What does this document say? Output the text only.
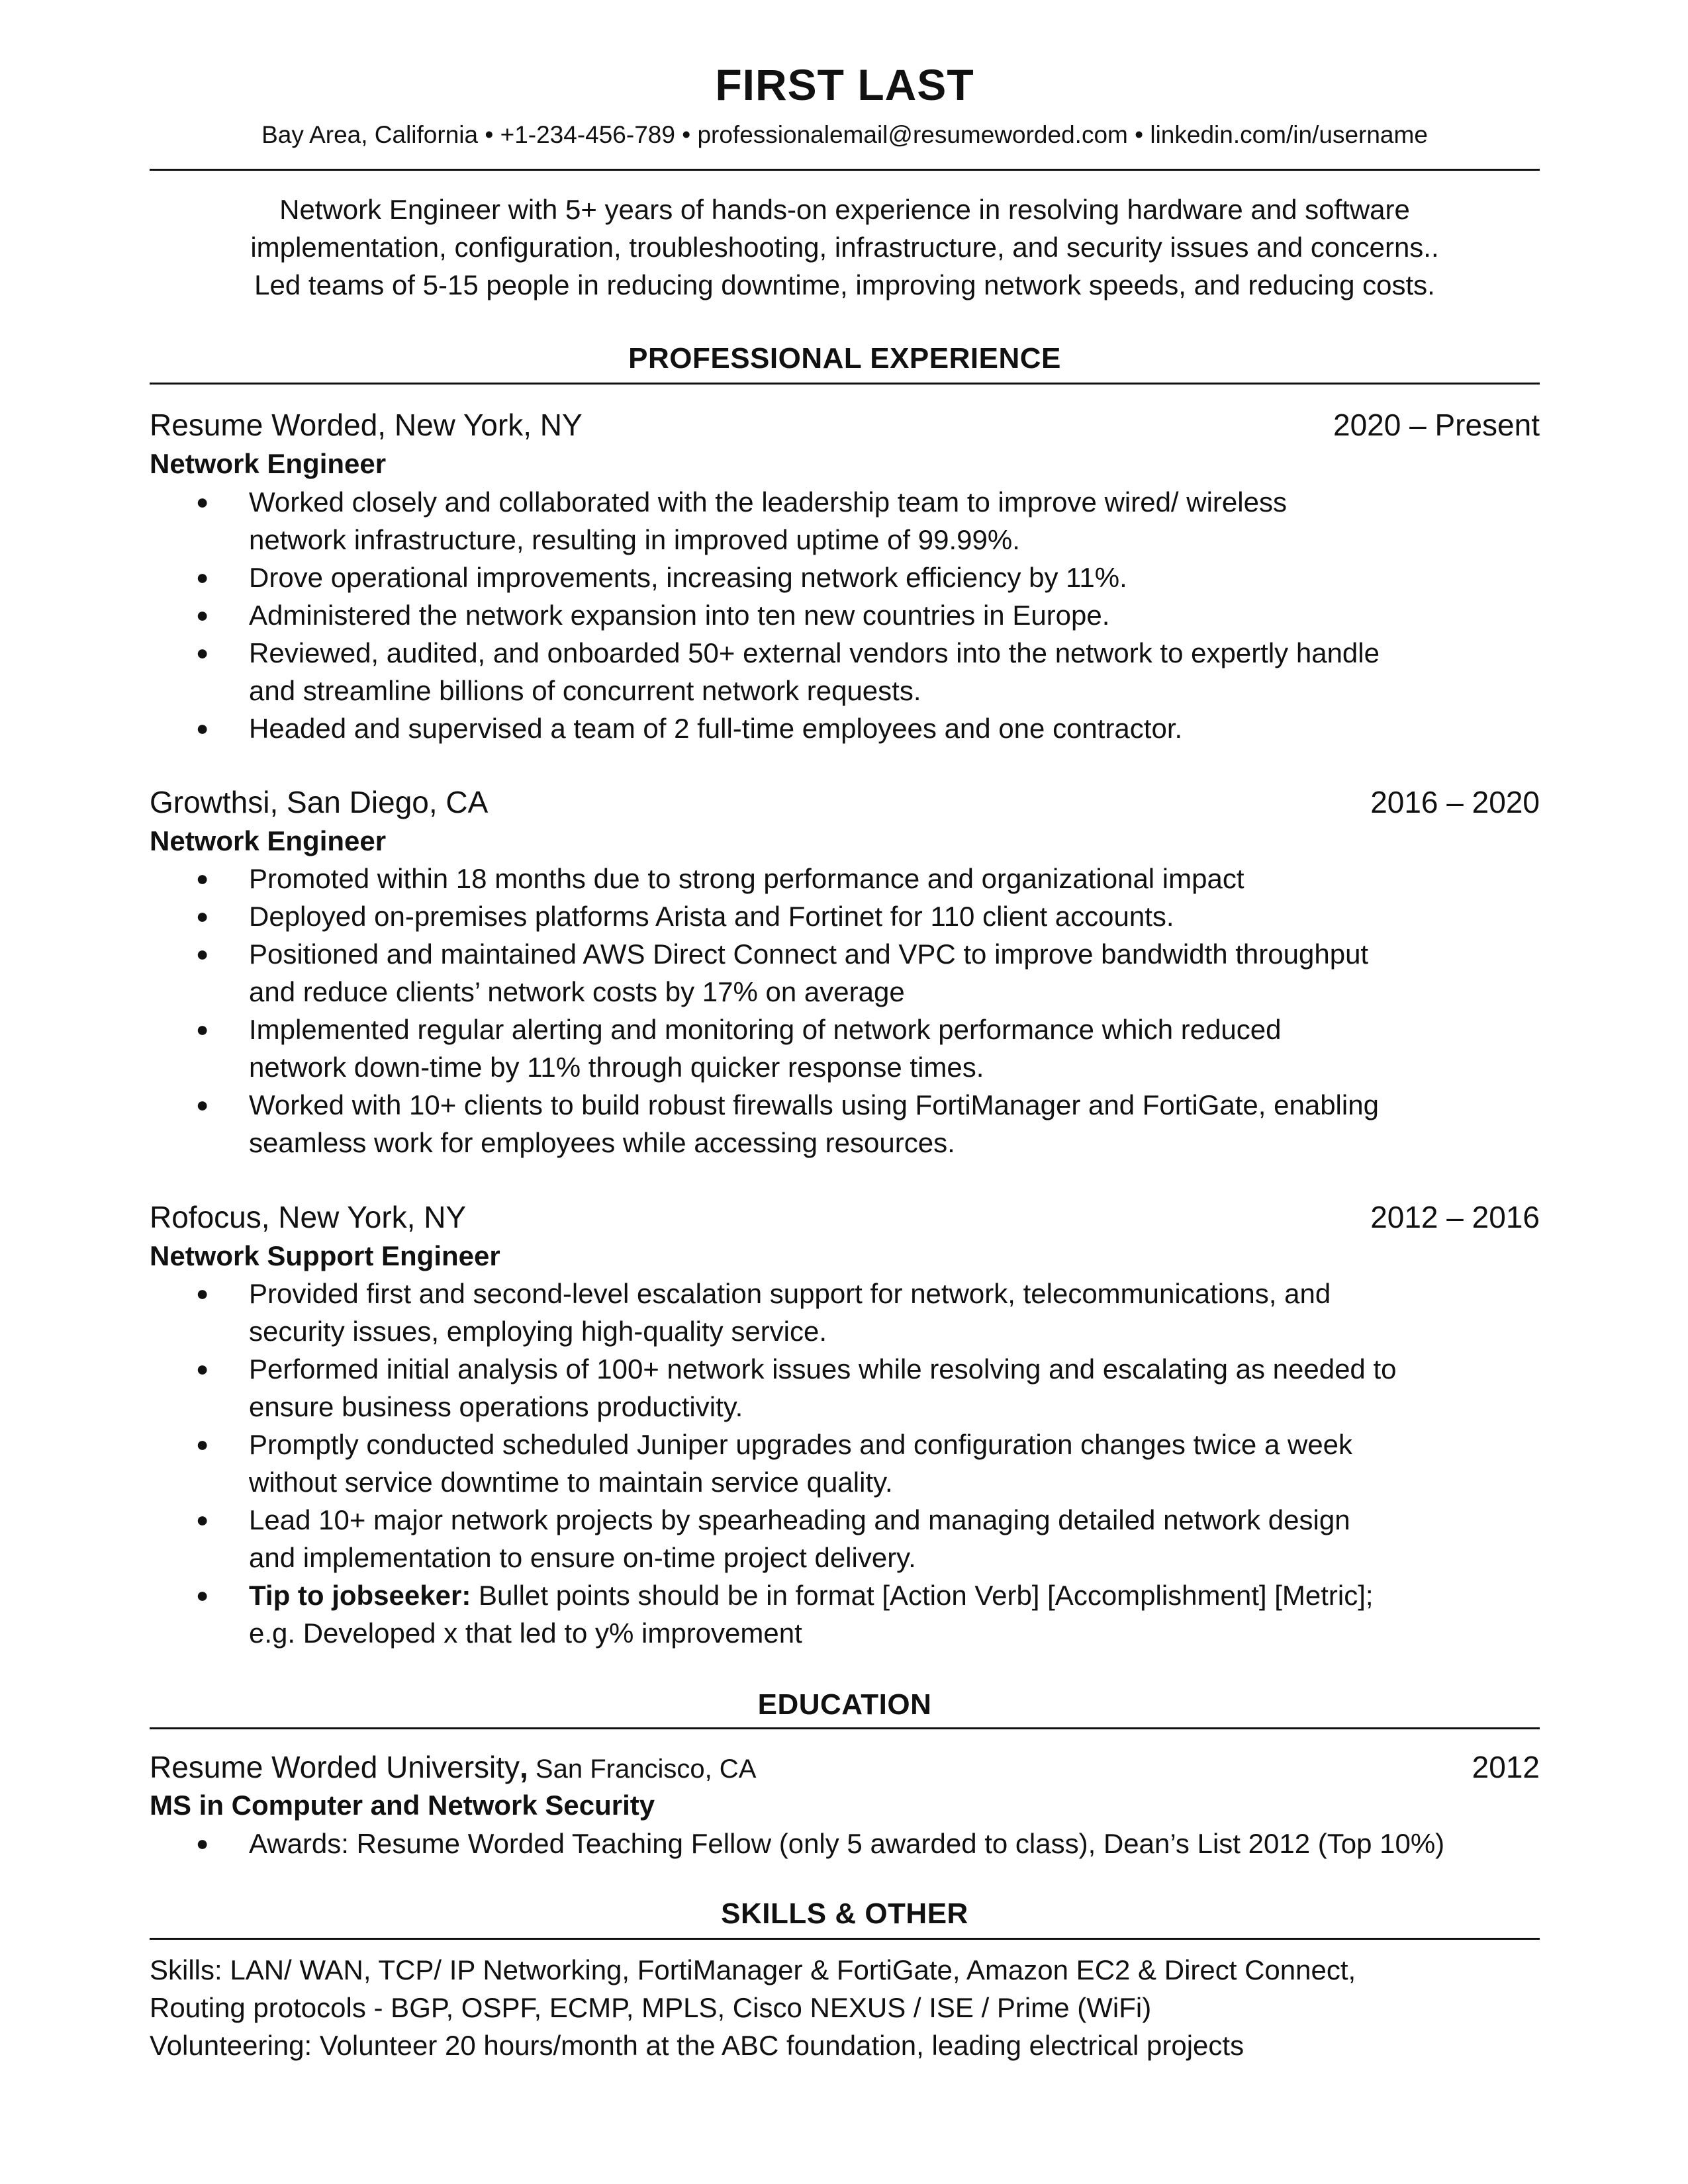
FIRST LAST
Bay Area, California • +1-234-456-789 • professionalemail@resumeworded.com • linkedin.com/in/username
Network Engineer with 5+ years of hands-on experience in resolving hardware and software
implementation, configuration, troubleshooting, infrastructure, and security issues and concerns..
Led teams of 5-15 people in reducing downtime, improving network speeds, and reducing costs.
PROFESSIONAL EXPERIENCE
Resume Worded, New York, NY	2020 – Present
Network Engineer
● Worked closely and collaborated with the leadership team to improve wired/ wireless
network infrastructure, resulting in improved uptime of 99.99%.
● Drove operational improvements, increasing network efficiency by 11%.
● Administered the network expansion into ten new countries in Europe.
● Reviewed, audited, and onboarded 50+ external vendors into the network to expertly handle
and streamline billions of concurrent network requests.
● Headed and supervised a team of 2 full-time employees and one contractor.
Growthsi, San Diego, CA	2016 – 2020
Network Engineer
● Promoted within 18 months due to strong performance and organizational impact
● Deployed on-premises platforms Arista and Fortinet for 110 client accounts.
● Positioned and maintained AWS Direct Connect and VPC to improve bandwidth throughput
and reduce clients’ network costs by 17% on average
● Implemented regular alerting and monitoring of network performance which reduced
network down-time by 11% through quicker response times.
● Worked with 10+ clients to build robust firewalls using FortiManager and FortiGate, enabling
seamless work for employees while accessing resources.
Rofocus, New York, NY	2012 – 2016
Network Support Engineer
● Provided first and second-level escalation support for network, telecommunications, and
security issues, employing high-quality service.
● Performed initial analysis of 100+ network issues while resolving and escalating as needed to
ensure business operations productivity.
● Promptly conducted scheduled Juniper upgrades and configuration changes twice a week
without service downtime to maintain service quality.
● Lead 10+ major network projects by spearheading and managing detailed network design
and implementation to ensure on-time project delivery.
● Tip to jobseeker: Bullet points should be in format [Action Verb] [Accomplishment] [Metric];
e.g. Developed x that led to y% improvement
EDUCATION
Resume Worded University, San Francisco, CA	2012
MS in Computer and Network Security
● Awards: Resume Worded Teaching Fellow (only 5 awarded to class), Dean’s List 2012 (Top 10%)
SKILLS & OTHER
Skills: LAN/ WAN, TCP/ IP Networking, FortiManager & FortiGate, Amazon EC2 & Direct Connect,
Routing protocols - BGP, OSPF, ECMP, MPLS, Cisco NEXUS / ISE / Prime (WiFi)
Volunteering: Volunteer 20 hours/month at the ABC foundation, leading electrical projects
